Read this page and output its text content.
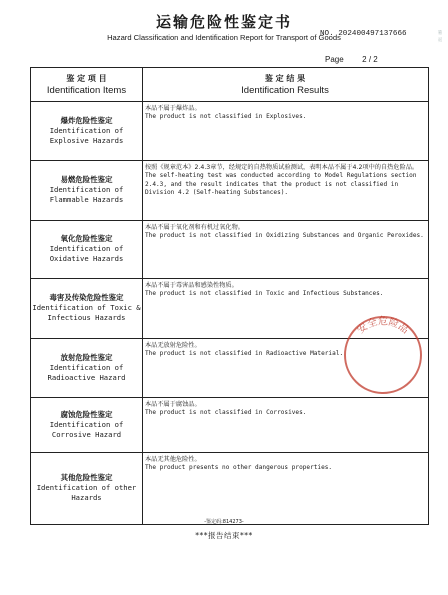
运输危险性鉴定书
Hazard Classification and Identification Report for Transport of Goods
NO. 202400497137666
Page 2 / 2
第二页
鉴 定 项 目
Identification Items
鉴 定 结 果
Identification Results
爆炸危险性鉴定
Identification of Explosive Hazards
本品不属于爆炸品。
The product is not classified in Explosives.
易燃危险性鉴定
Identification of Flammable Hazards
按照《规章范本》2.4.3章节，经规定的自热物质试验测试，表明本品不属于4.2项中的自热危险品。
The self-heating test was conducted according to Model Regulations section 2.4.3, and the result indicates that the product is not classified in Division 4.2 (Self-heating Substances).
氧化危险性鉴定
Identification of Oxidative Hazards
本品不属于氧化剂和有机过氧化物。
The product is not classified in Oxidizing Substances and Organic Peroxides.
毒害及传染危险性鉴定
Identification of Toxic & Infectious Hazards
本品不属于毒害品和感染性物质。
The product is not classified in Toxic and Infectious Substances.
放射危险性鉴定
Identification of Radioactive Hazard
本品无放射危险性。
The product is not classified in Radioactive Material.
腐蚀危险性鉴定
Identification of Corrosive Hazard
本品不属于腐蚀品。
The product is not classified in Corrosives.
其他危险性鉴定
Identification of other Hazards
本品无其他危险性。
The product presents no other dangerous properties.
安全危险品
-鉴定码:814273-
***报告结束***
